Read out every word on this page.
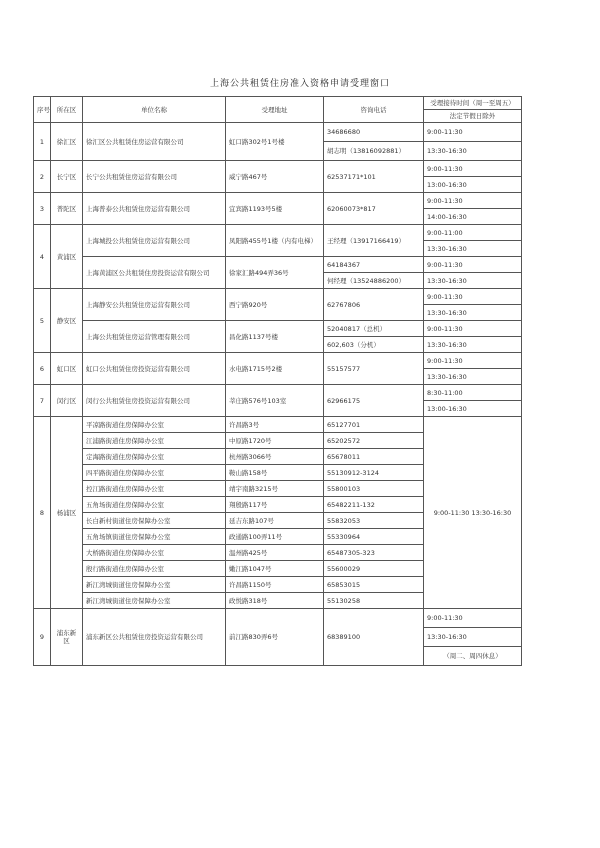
上海公共租赁住房准入资格申请受理窗口
序号	所在区	单位名称	受理地址	咨询电话	受理接待时间（周一至周五）
					法定节假日除外
1	徐汇区	徐汇区公共租赁住房运营有限公司	虹口路302号1号楼	34686680	9:00-11:30
				胡志明（13816092881）	13:30-16:30
2	长宁区	长宁公共租赁住房运营有限公司	威宁路467号	62537171*101	9:00-11:30
					13:00-16:30
3	普陀区	上海普泰公共租赁住房运营有限公司	宜宾路1193号5楼	62060073*817	9:00-11:30
					14:00-16:30
4	黄浦区	上海城投公共租赁住房运营有限公司	凤阳路455号1楼（内有电梯）	王经理（13917166419）	9:00-11:00
					13:30-16:30
		上海黄浦区公共租赁住房投资运营有限公司	徐家汇路494弄36号	64184367	9:00-11:30
				何经理（13524886200）	13:30-16:30
5	静安区	上海静安公共租赁住房运营有限公司	西宁路920号	62767806	9:00-11:30
					13:30-16:30
		上海公共租赁住房运营管理有限公司	昌化路1137号楼	52040817（总机）	9:00-11:30
				602,603（分机）	13:30-16:30
6	虹口区	虹口公共租赁住房投资运营有限公司	水电路1715号2楼	55157577	9:00-11:30
					13:30-16:30
7	闵行区	闵行公共租赁住房投资运营有限公司	莘庄路576号103室	62966175	8:30-11:00
					13:00-16:30
8	杨浦区	平凉路街道住房保障办公室	许昌路3号	65127701	9:00-11:30 13:30-16:30
		江浦路街道住房保障办公室	中原路1720号	65202572	
		定海路街道住房保障办公室	杭州路3066号	65678011	
		四平路街道住房保障办公室	鞍山路158号	55130912-3124	
		控江路街道住房保障办公室	靖宇南路3215号	55800103	
		五角场街道住房保障办公室	翔殷路117号	65482211-132	
		长白新村街道住房保障办公室	延吉东路107号	55832053	
		五角场镇街道住房保障办公室	政通路100弄11号	55330964	
		大桥路街道住房保障办公室	温州路425号	65487305-323	
		殷行路街道住房保障办公室	嫩江路1047号	55600029	
		新江湾城街道住房保障办公室	许昌路1150号	65853015	
		新江湾城街道住房保障办公室	政悦路318号	55130258	
9	浦东新区	浦东新区公共租赁住房投资运营有限公司	前江路830弄6号	68389100	9:00-11:30
					13:30-16:30
					（周二、周四休息）
